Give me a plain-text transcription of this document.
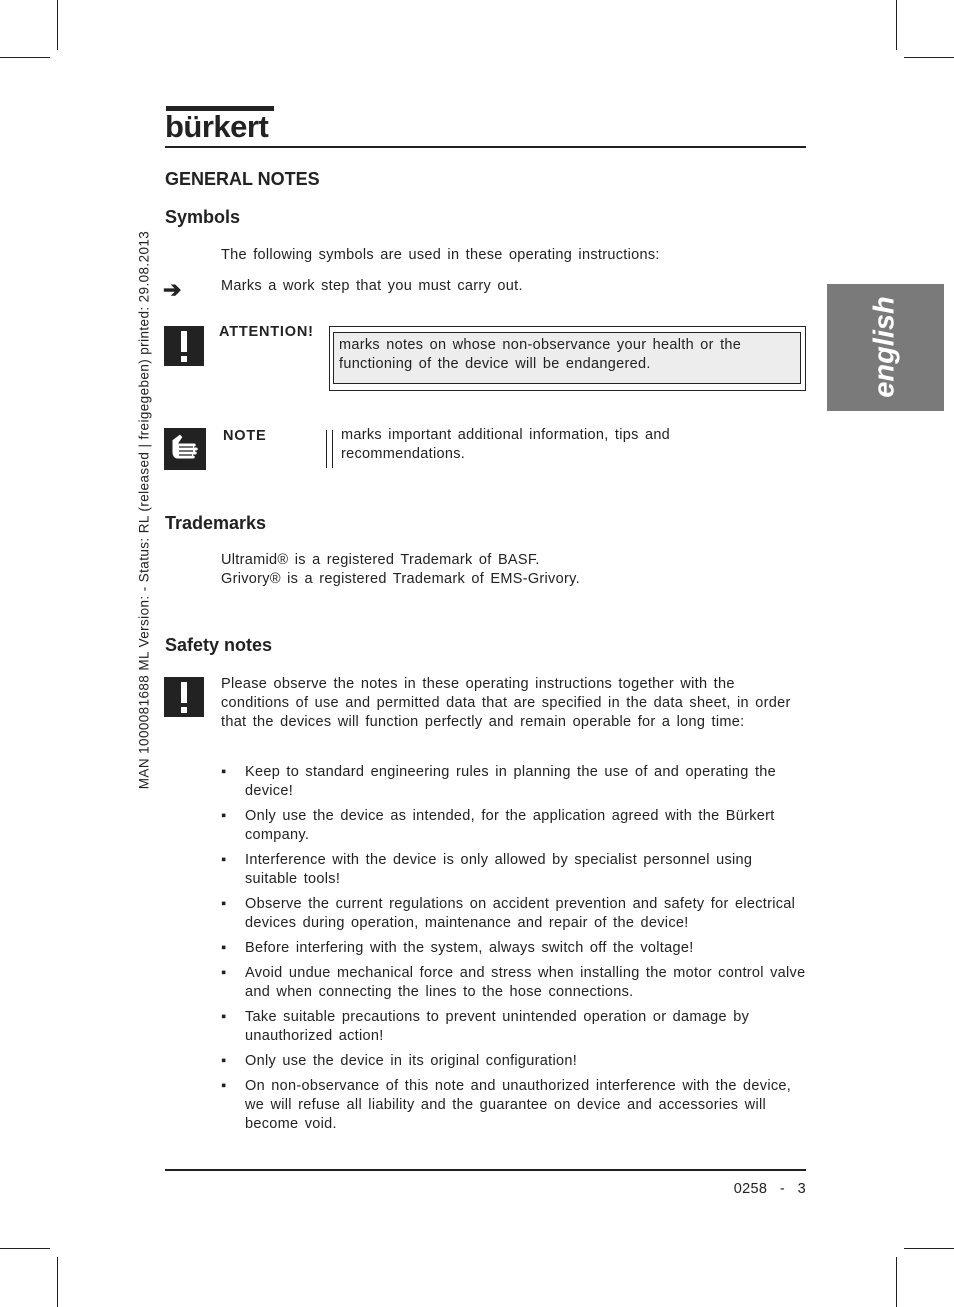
bürkert
english
MAN 1000081688 ML Version: - Status: RL (released | freigegeben) printed: 29.08.2013
GENERAL NOTES
Symbols
The following symbols are used in these operating instructions:
➔	Marks a work step that you must carry out.
ATTENTION!
marks notes on whose non-observance your health or the functioning of the device will be endangered.
NOTE	marks important additional information, tips and recommendations.
Trademarks
Ultramid® is a registered Trademark of BASF.
Grivory® is a registered Trademark of EMS-Grivory.
Safety notes
Please observe the notes in these operating instructions together with the conditions of use and permitted data that are specified in the data sheet, in order that the devices will function perfectly and remain operable for a long time:
▪ Keep to standard engineering rules in planning the use of and operating the device!
▪ Only use the device as intended, for the application agreed with the Bürkert company.
▪ Interference with the device is only allowed by specialist personnel using suitable tools!
▪ Observe the current regulations on accident prevention and safety for electrical devices during operation, maintenance and repair of the device!
▪ Before interfering with the system, always switch off the voltage!
▪ Avoid undue mechanical force and stress when installing the motor control valve and when connecting the lines to the hose connections.
▪ Take suitable precautions to prevent unintended operation or damage by unauthorized action!
▪ Only use the device in its original configuration!
▪ On non-observance of this note and unauthorized interference with the device, we will refuse all liability and the guarantee on device and accessories will become void.
0258  -  3
